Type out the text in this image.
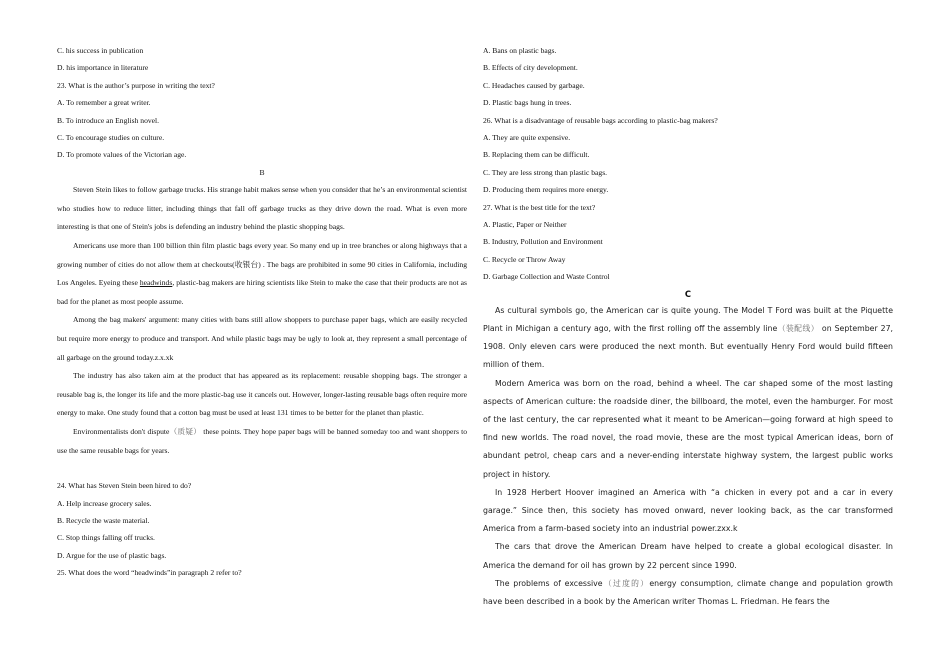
C. his success in publication
D. his importance in literature
23. What is the author’s purpose in writing the text?
A. To remember a great writer.
B. To introduce an English novel.
C. To encourage studies on culture.
D. To promote values of the Victorian age.
B

Steven Stein likes to follow garbage trucks. His strange habit makes sense when you consider that he’s an environmental scientist who studies how to reduce litter, including things that fall off garbage trucks as they drive down the road. What is even more interesting is that one of Stein's jobs is defending an industry behind the plastic shopping bags.

Americans use more than 100 billion thin film plastic bags every year. So many end up in tree branches or along highways that a growing number of cities do not allow them at checkouts(收银台) . The bags are prohibited in some 90 cities in California, including Los Angeles. Eyeing these headwinds, plastic-bag makers are hiring scientists like Stein to make the case that their products are not as bad for the planet as most people assume.

Among the bag makers' argument: many cities with bans still allow shoppers to purchase paper bags, which are easily recycled but require more energy to produce and transport. And while plastic bags may be ugly to look at, they represent a small percentage of all garbage on the ground today.z.x.xk

The industry has also taken aim at the product that has appeared as its replacement: reusable shopping bags. The stronger a reusable bag is, the longer its life and the more plastic-bag use it cancels out. However, longer-lasting reusable bags often require more energy to make. One study found that a cotton bag must be used at least 131 times to be better for the planet than plastic.

Environmentalists don't dispute（质疑） these points. They hope paper bags will be banned someday too and want shoppers to use the same reusable bags for years.

24. What has Steven Stein been hired to do?
A. Help increase grocery sales.
B. Recycle the waste material.
C. Stop things falling off trucks.
D. Argue for the use of plastic bags.
25. What does the word “headwinds”in paragraph 2 refer to?
A. Bans on plastic bags.
B. Effects of city development.
C. Headaches caused by garbage.
D. Plastic bags hung in trees.
26. What is a disadvantage of reusable bags according to plastic-bag makers?
A. They are quite expensive.
B. Replacing them can be difficult.
C. They are less strong than plastic bags.
D. Producing them requires more energy.
27. What is the best title for the text?
A. Plastic, Paper or Neither
B. Industry, Pollution and Environment
C. Recycle or Throw Away
D. Garbage Collection and Waste Control
C

As cultural symbols go, the American car is quite young. The Model T Ford was built at the Piquette Plant in Michigan a century ago, with the first rolling off the assembly line（装配线） on September 27, 1908. Only eleven cars were produced the next month. But eventually Henry Ford would build fifteen million of them.

Modern America was born on the road, behind a wheel. The car shaped some of the most lasting aspects of American culture: the roadside diner, the billboard, the motel, even the hamburger. For most of the last century, the car represented what it meant to be American—going forward at high speed to find new worlds. The road novel, the road movie, these are the most typical American ideas, born of abundant petrol, cheap cars and a never-ending interstate highway system, the largest public works project in history.

In 1928 Herbert Hoover imagined an America with “a chicken in every pot and a car in every garage.” Since then, this society has moved onward, never looking back, as the car transformed America from a farm-based society into an industrial power.zxx.k

The cars that drove the American Dream have helped to create a global ecological disaster. In America the demand for oil has grown by 22 percent since 1990.

The problems of excessive（过度的）energy consumption, climate change and population growth have been described in a book by the American writer Thomas L. Friedman. He fears the
